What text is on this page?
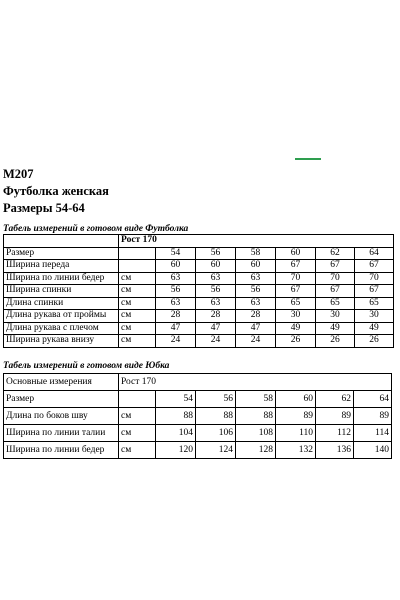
М207
Футболка женская
Размеры 54-64
Табель измерений в готовом виде Футболка
	Рост 170						
Размер		54	56	58	60	62	64
Ширина переда		60	60	60	67	67	67
Ширина по линии бедер	см	63	63	63	70	70	70
Ширина спинки	см	56	56	56	67	67	67
Длина спинки	см	63	63	63	65	65	65
Длина рукава от проймы	см	28	28	28	30	30	30
Длина рукава с плечом	см	47	47	47	49	49	49
Ширина рукава внизу	см	24	24	24	26	26	26
Табель измерений в готовом виде Юбка
Основные измерения	Рост 170						
Размер		54	56	58	60	62	64
Длина по боков шву	см	88	88	88	89	89	89
Ширина по линии талии	см	104	106	108	110	112	114
Ширина по линии бедер	см	120	124	128	132	136	140
